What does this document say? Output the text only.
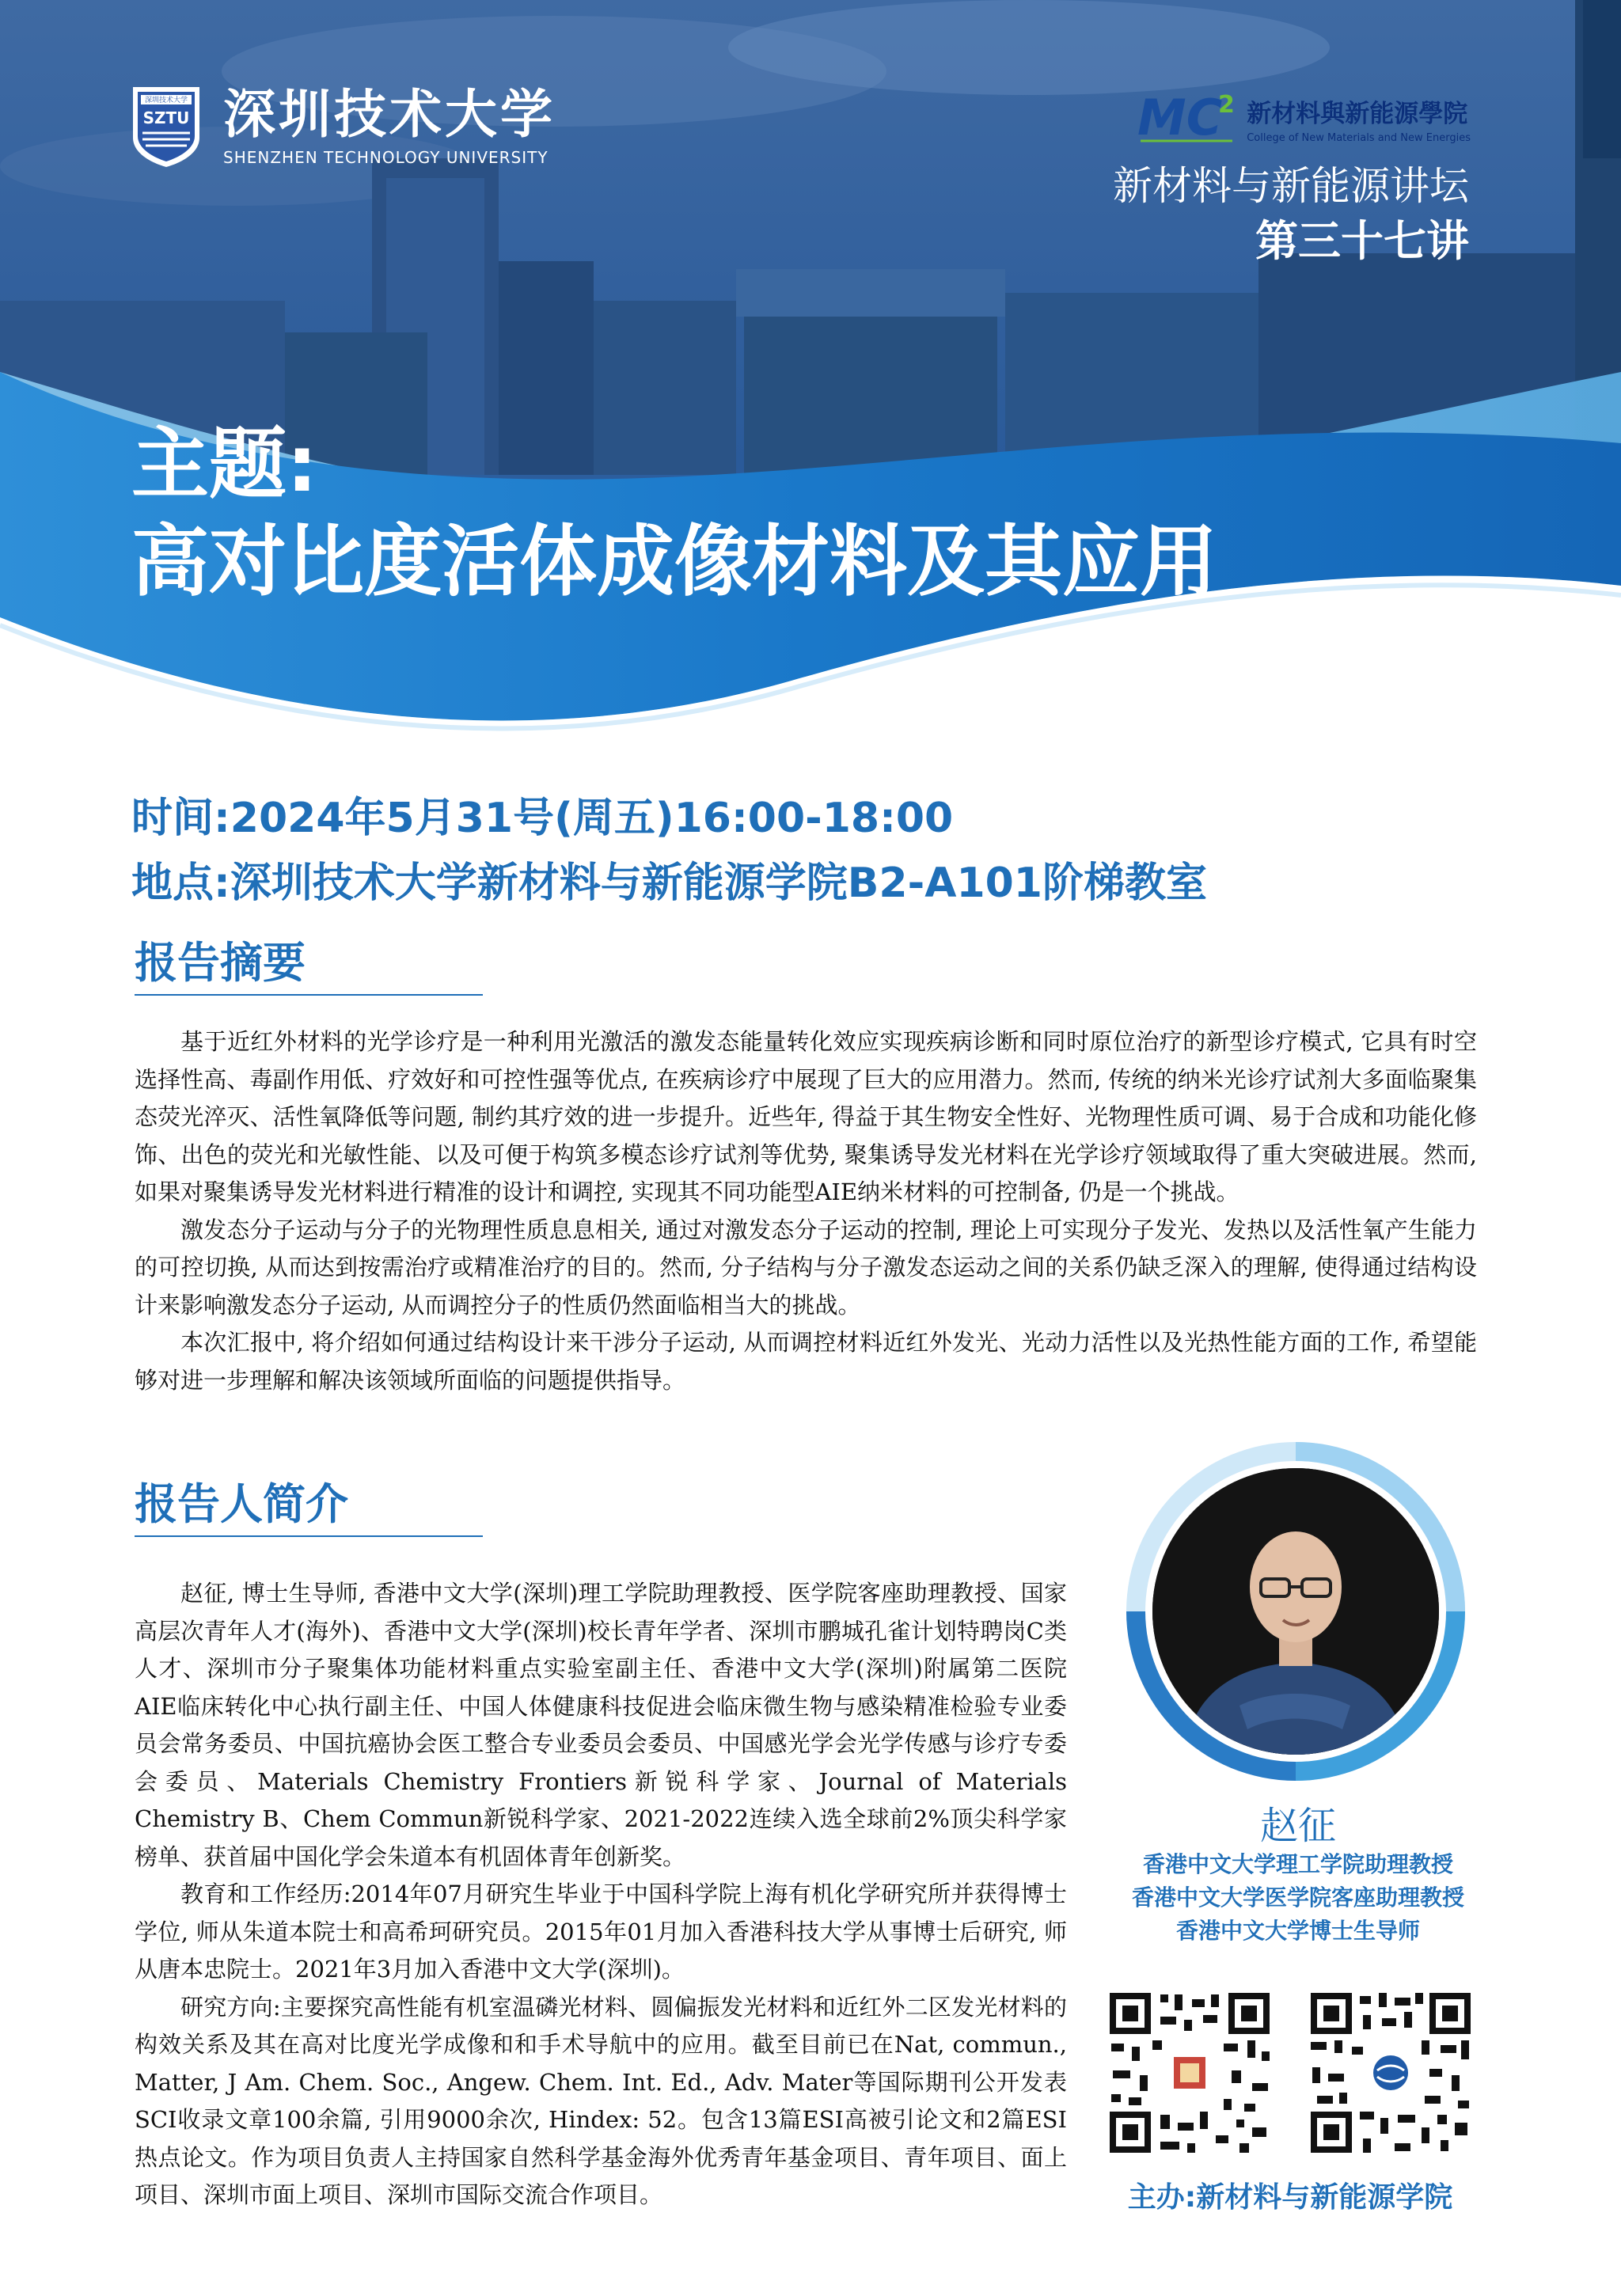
深圳技术大学
SZTU 深圳技术大学
SHENZHEN TECHNOLOGY UNIVERSITY
MC
2 新材料與新能源學院
College of New Materials and New Energies
新材料与新能源讲坛
第三十七讲
主题:
高对比度活体成像材料及其应用
时间:2024年5月31号(周五)16:00-18:00
地点:深圳技术大学新材料与新能源学院B2-A101阶梯教室
报告摘要

基于近红外材料的光学诊疗是一种利用光激活的激发态能量转化效应实现疾病诊断和同时原位治疗的新型诊疗模式, 它具有时空选择性高、毒副作用低、疗效好和可控性强等优点, 在疾病诊疗中展现了巨大的应用潜力。然而, 传统的纳米光诊疗试剂大多面临聚集态荧光淬灭、活性氧降低等问题, 制约其疗效的进一步提升。近些年, 得益于其生物安全性好、光物理性质可调、易于合成和功能化修饰、出色的荧光和光敏性能、以及可便于构筑多模态诊疗试剂等优势, 聚集诱导发光材料在光学诊疗领域取得了重大突破进展。然而, 如果对聚集诱导发光材料进行精准的设计和调控, 实现其不同功能型AIE纳米材料的可控制备, 仍是一个挑战。

激发态分子运动与分子的光物理性质息息相关, 通过对激发态分子运动的控制, 理论上可实现分子发光、发热以及活性氧产生能力的可控切换, 从而达到按需治疗或精准治疗的目的。然而, 分子结构与分子激发态运动之间的关系仍缺乏深入的理解, 使得通过结构设计来影响激发态分子运动, 从而调控分子的性质仍然面临相当大的挑战。

本次汇报中, 将介绍如何通过结构设计来干涉分子运动, 从而调控材料近红外发光、光动力活性以及光热性能方面的工作, 希望能够对进一步理解和解决该领域所面临的问题提供指导。

报告人简介

赵征, 博士生导师, 香港中文大学(深圳)理工学院助理教授、医学院客座助理教授、国家高层次青年人才(海外)、香港中文大学(深圳)校长青年学者、深圳市鹏城孔雀计划特聘岗C类人才、深圳市分子聚集体功能材料重点实验室副主任、香港中文大学(深圳)附属第二医院AIE临床转化中心执行副主任、中国人体健康科技促进会临床微生物与感染精准检验专业委员会常务委员、中国抗癌协会医工整合专业委员会委员、中国感光学会光学传感与诊疗专委会委员、Materials Chemistry Frontiers新锐科学家、Journal of Materials Chemistry B、Chem Commun新锐科学家、2021-2022连续入选全球前2%顶尖科学家榜单、获首届中国化学会朱道本有机固体青年创新奖。

教育和工作经历:2014年07月研究生毕业于中国科学院上海有机化学研究所并获得博士学位, 师从朱道本院士和高希珂研究员。2015年01月加入香港科技大学从事博士后研究, 师从唐本忠院士。2021年3月加入香港中文大学(深圳)。

研究方向:主要探究高性能有机室温磷光材料、圆偏振发光材料和近红外二区发光材料的构效关系及其在高对比度光学成像和和手术导航中的应用。截至目前已在Nat, commun., Matter, J Am. Chem. Soc., Angew. Chem. Int. Ed., Adv. Mater等国际期刊公开发表SCI收录文章100余篇, 引用9000余次, Hindex: 52。包含13篇ESI高被引论文和2篇ESI热点论文。作为项目负责人主持国家自然科学基金海外优秀青年基金项目、青年项目、面上项目、深圳市面上项目、深圳市国际交流合作项目。

赵征
香港中文大学理工学院助理教授
香港中文大学医学院客座助理教授
香港中文大学博士生导师
主办:新材料与新能源学院
